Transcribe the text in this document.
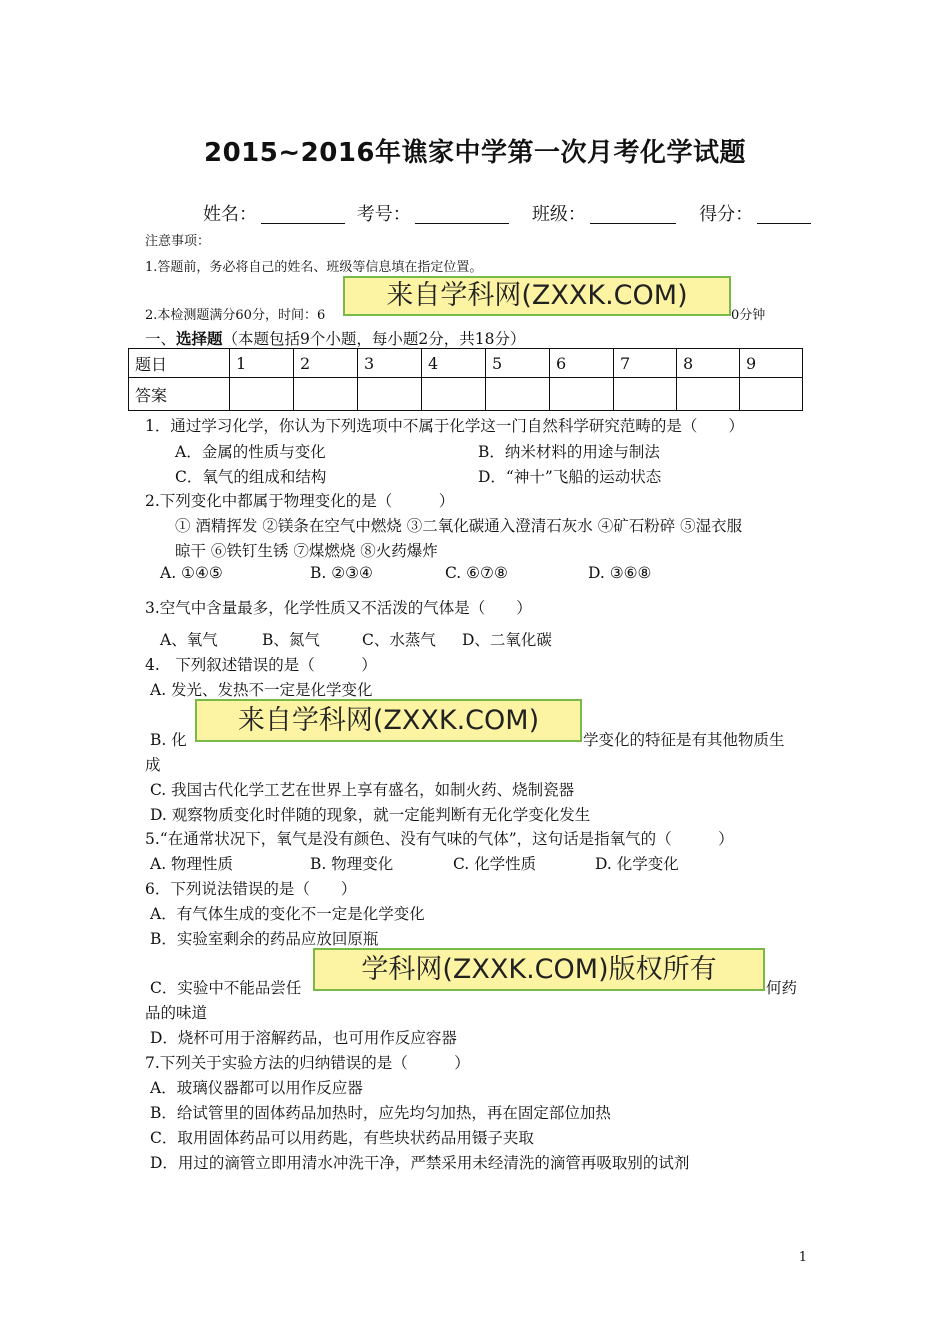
2015~2016年谯家中学第一次月考化学试题
姓名：	考号：	班级：	得分：
注意事项：
1.答题前，务必将自己的姓名、班级等信息填在指定位置。
2.本检测题满分60分，时间：6	0分钟
来自学科网(ZXXK.COM)
一、选择题（本题包括9个小题，每小题2分，共18分）
题日	1	2	3	4	5	6	7	8	9
答案									
1．通过学习化学，你认为下列选项中不属于化学这一门自然科学研究范畴的是（　　）
A．金属的性质与变化	B．纳米材料的用途与制法
C．氧气的组成和结构	D．“神十”飞船的运动状态
2.下列变化中都属于物理变化的是（　　　）
① 酒精挥发 ②镁条在空气中燃烧 ③二氧化碳通入澄清石灰水 ④矿石粉碎 ⑤湿衣服
晾干 ⑥铁钉生锈 ⑦煤燃烧 ⑧火药爆炸
A. ①④⑤	B. ②③④	C. ⑥⑦⑧	D. ③⑥⑧
3.空气中含量最多，化学性质又不活泼的气体是（　　）
A、氧气	B、氮气	C、水蒸气 D、二氧化碳
4.　下列叙述错误的是（　　　）
A. 发光、发热不一定是化学变化
来自学科网(ZXXK.COM)
B. 化	学变化的特征是有其他物质生
成
C. 我国古代化学工艺在世界上享有盛名，如制火药、烧制瓷器
D. 观察物质变化时伴随的现象，就一定能判断有无化学变化发生
5.“在通常状况下，氧气是没有颜色、没有气味的气体”，这句话是指氧气的（　　　）
A. 物理性质	B. 物理变化	C. 化学性质	D. 化学变化
6．下列说法错误的是（　　）
A．有气体生成的变化不一定是化学变化
B．实验室剩余的药品应放回原瓶
学科网(ZXXK.COM)版权所有
C．实验中不能品尝任	何药
品的味道
D．烧杯可用于溶解药品，也可用作反应容器
7.下列关于实验方法的归纳错误的是（　　　）
A．玻璃仪器都可以用作反应器
B．给试管里的固体药品加热时，应先均匀加热，再在固定部位加热
C．取用固体药品可以用药匙，有些块状药品用镊子夹取
D．用过的滴管立即用清水冲洗干净，严禁采用未经清洗的滴管再吸取别的试剂
1
